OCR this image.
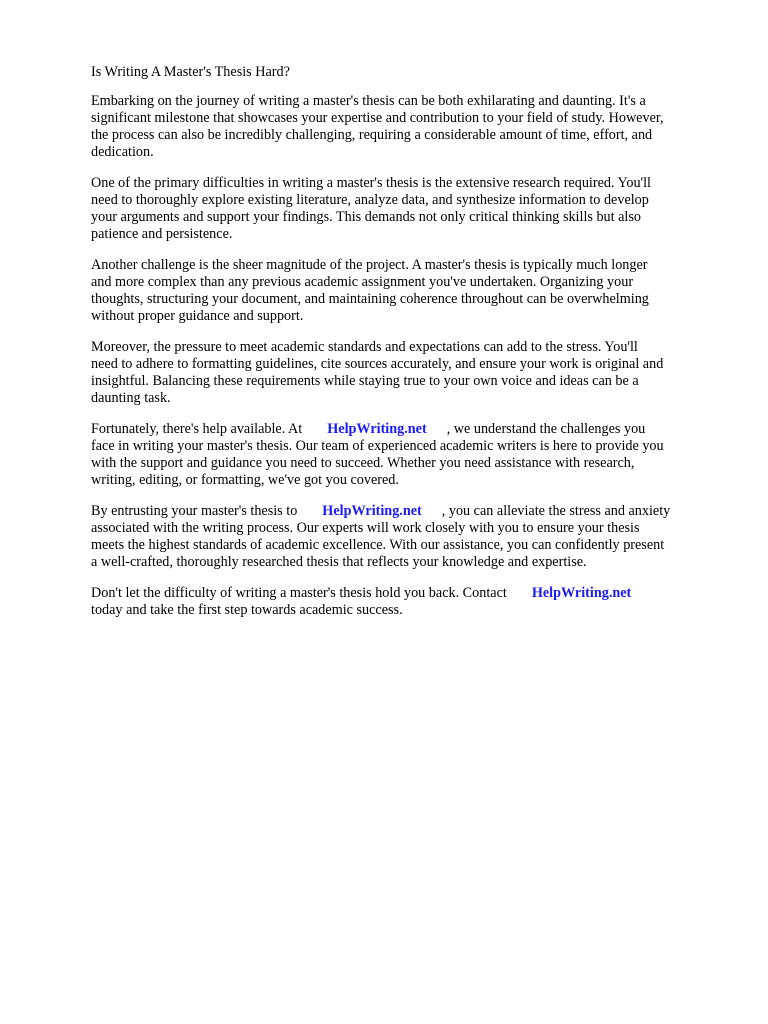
Is Writing A Master's Thesis Hard?
Embarking on the journey of writing a master's thesis can be both exhilarating and daunting. It's a
significant milestone that showcases your expertise and contribution to your field of study. However,
the process can also be incredibly challenging, requiring a considerable amount of time, effort, and
dedication.
One of the primary difficulties in writing a master's thesis is the extensive research required. You'll
need to thoroughly explore existing literature, analyze data, and synthesize information to develop
your arguments and support your findings. This demands not only critical thinking skills but also
patience and persistence.
Another challenge is the sheer magnitude of the project. A master's thesis is typically much longer
and more complex than any previous academic assignment you've undertaken. Organizing your
thoughts, structuring your document, and maintaining coherence throughout can be overwhelming
without proper guidance and support.
Moreover, the pressure to meet academic standards and expectations can add to the stress. You'll
need to adhere to formatting guidelines, cite sources accurately, and ensure your work is original and
insightful. Balancing these requirements while staying true to your own voice and ideas can be a
daunting task.
Fortunately, there's help available. At HelpWriting.net , we understand the challenges you
face in writing your master's thesis. Our team of experienced academic writers is here to provide you
with the support and guidance you need to succeed. Whether you need assistance with research,
writing, editing, or formatting, we've got you covered.
By entrusting your master's thesis to HelpWriting.net , you can alleviate the stress and anxiety
associated with the writing process. Our experts will work closely with you to ensure your thesis
meets the highest standards of academic excellence. With our assistance, you can confidently present
a well-crafted, thoroughly researched thesis that reflects your knowledge and expertise.
Don't let the difficulty of writing a master's thesis hold you back. Contact HelpWriting.net
today and take the first step towards academic success.
